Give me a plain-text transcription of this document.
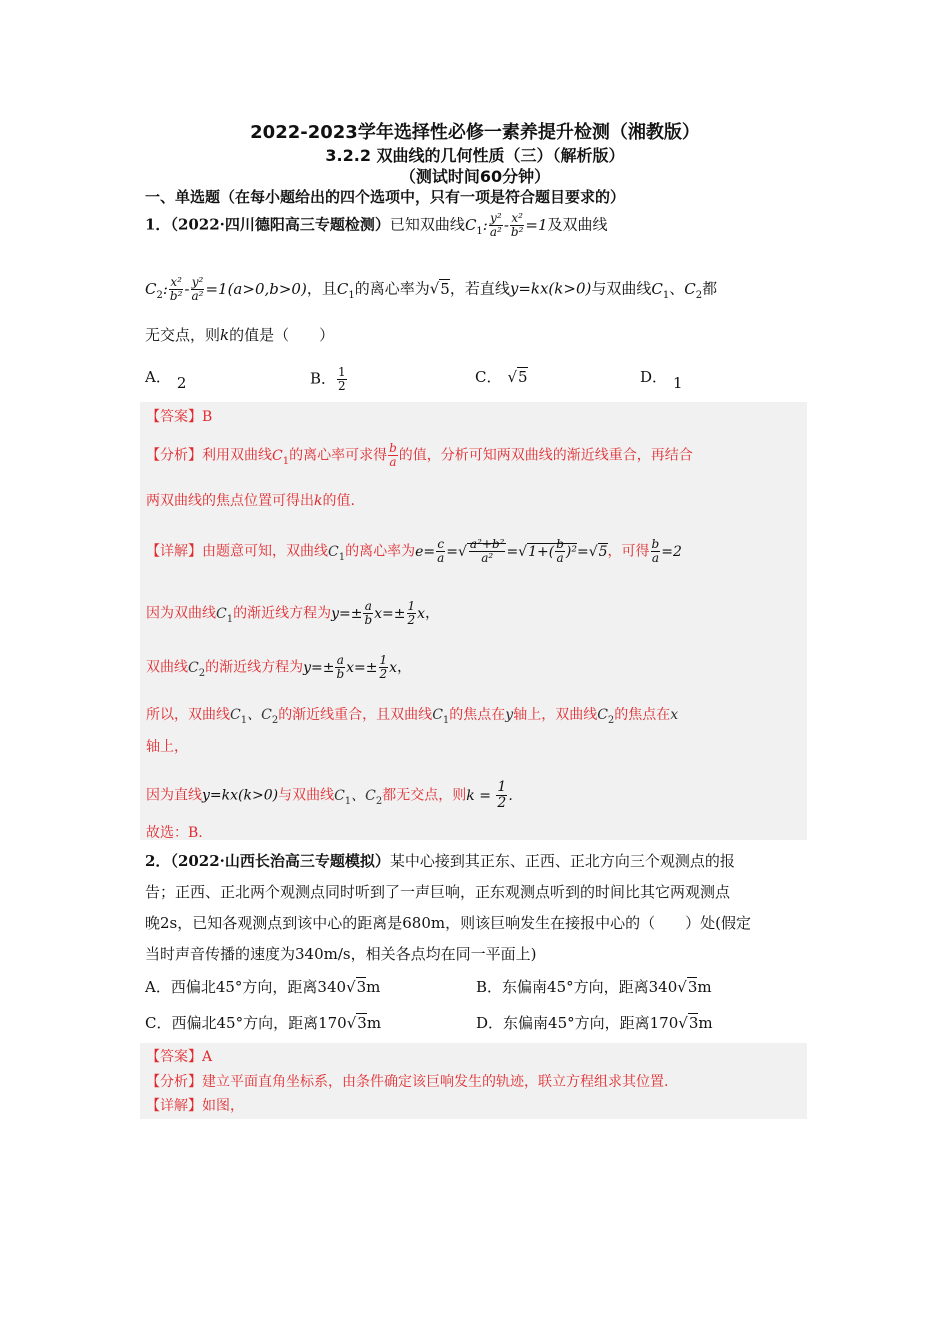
2022-2023学年选择性必修一素养提升检测（湘教版）
3.2.2 双曲线的几何性质（三）（解析版）
（测试时间60分钟）
一、单选题（在每小题给出的四个选项中，只有一项是符合题目要求的）
1．（2022·四川德阳高三专题检测）已知双曲线$C_1$: $\frac{\text{y²}}{\text{a²}} - \frac{\text{x²}}{\text{b²}} =1$及双曲线
$C_2$: $\frac{\text{x²}}{\text{b²}} - \frac{\text{y²}}{\text{a²}} =1(a>0,b>0)$，且$C_1$的离心率为√5，若直线y=kx(k>0)与双曲线$C_1$、$C_2$都
无交点，则k的值是（　　）
A． 2	B． $\frac{1}{2}$	C． √5	D． 1
【答案】B
【分析】利用双曲线$C_1$的离心率可求得 $\frac{b}{a}$ 的值，分析可知两双曲线的渐近线重合，再结合
两双曲线的焦点位置可得出k的值.
【详解】由题意可知，双曲线$C_1$的离心率为$e= \frac{c}{a}$ =√ $\frac{\text{a²+b²}}{\text{a²}} =√1+( \frac{b}{a} )^2=√5$，可得 $\frac{b}{a} =2$
因为双曲线$C_1$的渐近线方程为$y=\pm \frac{a}{b} x=\pm \frac{1}{2}$ x，
双曲线$C_2$的渐近线方程为$y=\pm \frac{a}{b} x=\pm \frac{1}{2}$ x，
所以，双曲线$C_1$、$C_2$的渐近线重合，且双曲线$C_1$的焦点在y轴上，双曲线$C_2$的焦点在x
轴上，
因为直线y=kx(k>0)与双曲线$C_1$、$C_2$都无交点，则$k = \frac{1}{2}$ .
故选：B.
2．（2022·山西长治高三专题模拟）某中心接到其正东、正西、正北方向三个观测点的报
告；正西、正北两个观测点同时听到了一声巨响，正东观测点听到的时间比其它两观测点
晚2s，已知各观测点到该中心的距离是680m，则该巨响发生在接报中心的（　　）处(假定
当时声音传播的速度为340m/s，相关各点均在同一平面上)
A．西偏北45°方向，距离340√3m	B．东偏南45°方向，距离340√3m
C．西偏北45°方向，距离170√3m	D．东偏南45°方向，距离170√3m
【答案】A
【分析】建立平面直角坐标系，由条件确定该巨响发生的轨迹，联立方程组求其位置.
【详解】如图，
